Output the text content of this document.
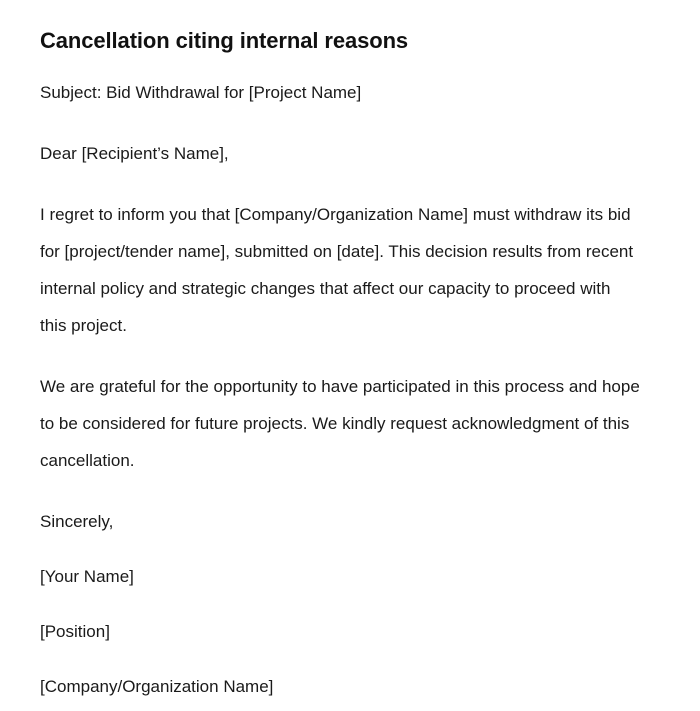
Cancellation citing internal reasons

Subject: Bid Withdrawal for [Project Name]

Dear [Recipient’s Name],

I regret to inform you that [Company/Organization Name] must withdraw its bid for [project/tender name], submitted on [date]. This decision results from recent internal policy and strategic changes that affect our capacity to proceed with this project.

We are grateful for the opportunity to have participated in this process and hope to be considered for future projects. We kindly request acknowledgment of this cancellation.

Sincerely,

[Your Name]

[Position]

[Company/Organization Name]
